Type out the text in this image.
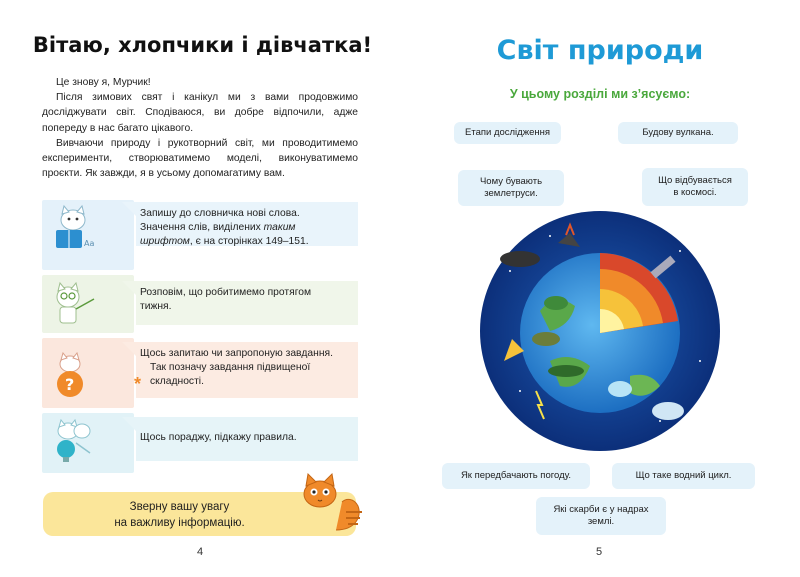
Вітаю, хлопчики і дівчатка!

Це знову я, Мурчик!

Після зимових свят і канікул ми з вами продовжимо досліджувати світ. Сподіваюся, ви добре відпочили, адже попереду в нас багато цікавого.

Вивчаючи природу і рукотворний світ, ми проводитимемо експерименти, створюватимемо моделі, виконуватимемо проєкти. Як завжди, я в усьому допомагатиму вам.

Aa
Запишу до словничка нові слова.
Значення слів, виділених таким
шрифтом, є на сторінках 149–151.
Розповім, що робитимемо протягом
тижня.
?
Щось запитаю чи запропоную завдання.

*
Так позначу завдання підвищеної
складності.
Щось пораджу, підкажу правила.
Зверну вашу увагу
на важливу інформацію.
4
Світ природи
У цьому розділі ми з’ясуємо:
Етапи дослідження	Будову вулкана.
Чому бувають
землетруси.
Що відбувається
в космосі.
Як передбачають погоду.	Що таке водний цикл.
Які скарби є у надрах
землі.
5
